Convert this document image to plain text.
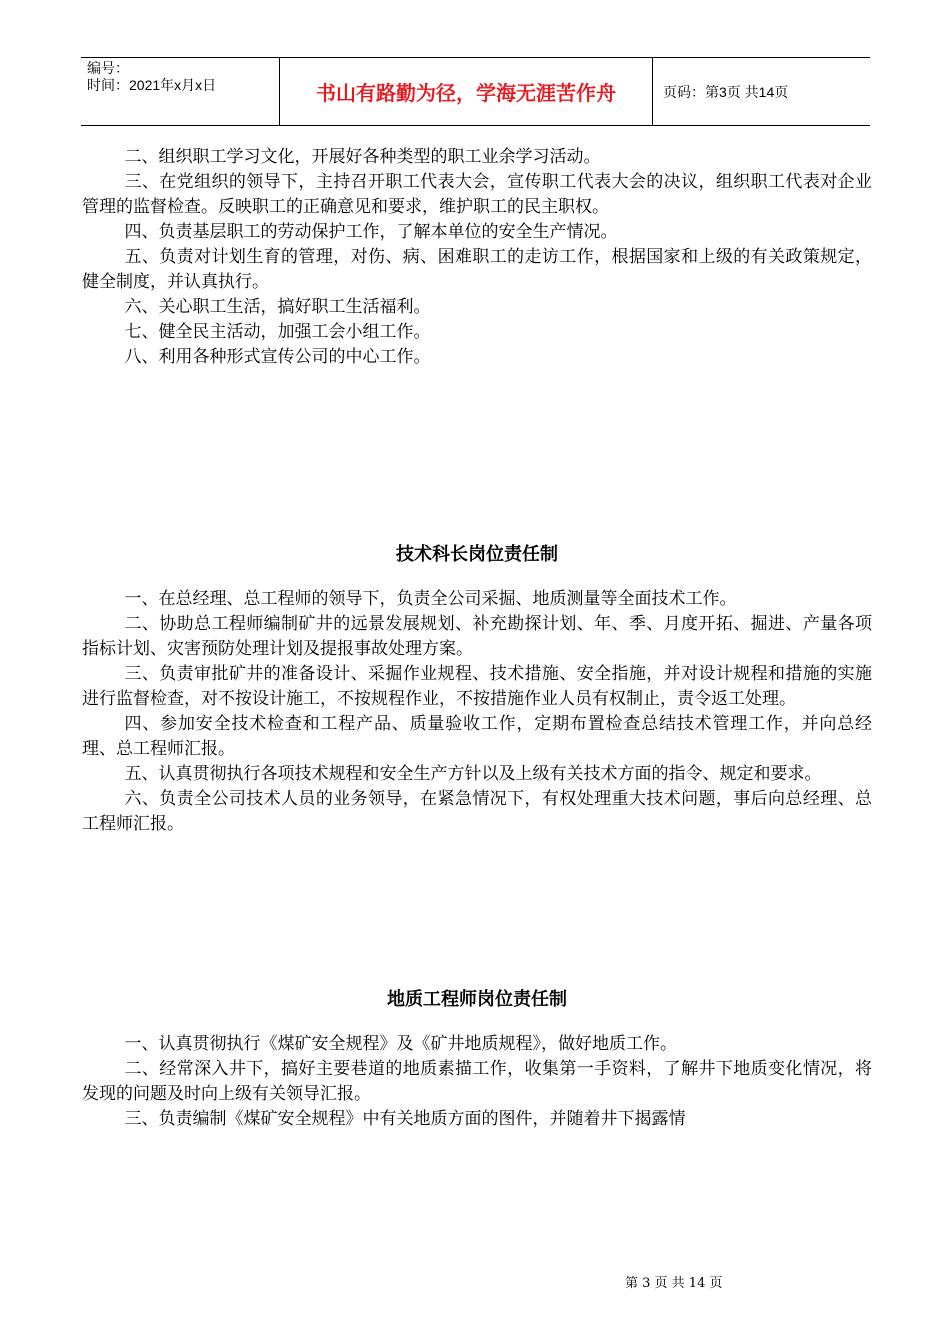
编号：
时间：2021年x月x日	书山有路勤为径，学海无涯苦作舟	页码：第3页 共14页

二、组织职工学习文化，开展好各种类型的职工业余学习活动。

三、在党组织的领导下，主持召开职工代表大会，宣传职工代表大会的决议，组织职工代表对企业管理的监督检查。反映职工的正确意见和要求，维护职工的民主职权。

四、负责基层职工的劳动保护工作，了解本单位的安全生产情况。

五、负责对计划生育的管理，对伤、病、困难职工的走访工作，根据国家和上级的有关政策规定，健全制度，并认真执行。

六、关心职工生活，搞好职工生活福利。

七、健全民主活动，加强工会小组工作。

八、利用各种形式宣传公司的中心工作。

技术科长岗位责任制

一、在总经理、总工程师的领导下，负责全公司采掘、地质测量等全面技术工作。

二、协助总工程师编制矿井的远景发展规划、补充勘探计划、年、季、月度开拓、掘进、产量各项指标计划、灾害预防处理计划及提报事故处理方案。

三、负责审批矿井的准备设计、采掘作业规程、技术措施、安全指施，并对设计规程和措施的实施进行监督检查，对不按设计施工，不按规程作业，不按措施作业人员有权制止，责令返工处理。

四、参加安全技术检查和工程产品、质量验收工作，定期布置检查总结技术管理工作，并向总经理、总工程师汇报。

五、认真贯彻执行各项技术规程和安全生产方针以及上级有关技术方面的指令、规定和要求。

六、负责全公司技术人员的业务领导，在紧急情况下，有权处理重大技术问题，事后向总经理、总工程师汇报。

地质工程师岗位责任制

一、认真贯彻执行《煤矿安全规程》及《矿井地质规程》，做好地质工作。

二、经常深入井下，搞好主要巷道的地质素描工作，收集第一手资料，了解井下地质变化情况，将发现的问题及时向上级有关领导汇报。

三、负责编制《煤矿安全规程》中有关地质方面的图件，并随着井下揭露情

第 3 页 共 14 页
